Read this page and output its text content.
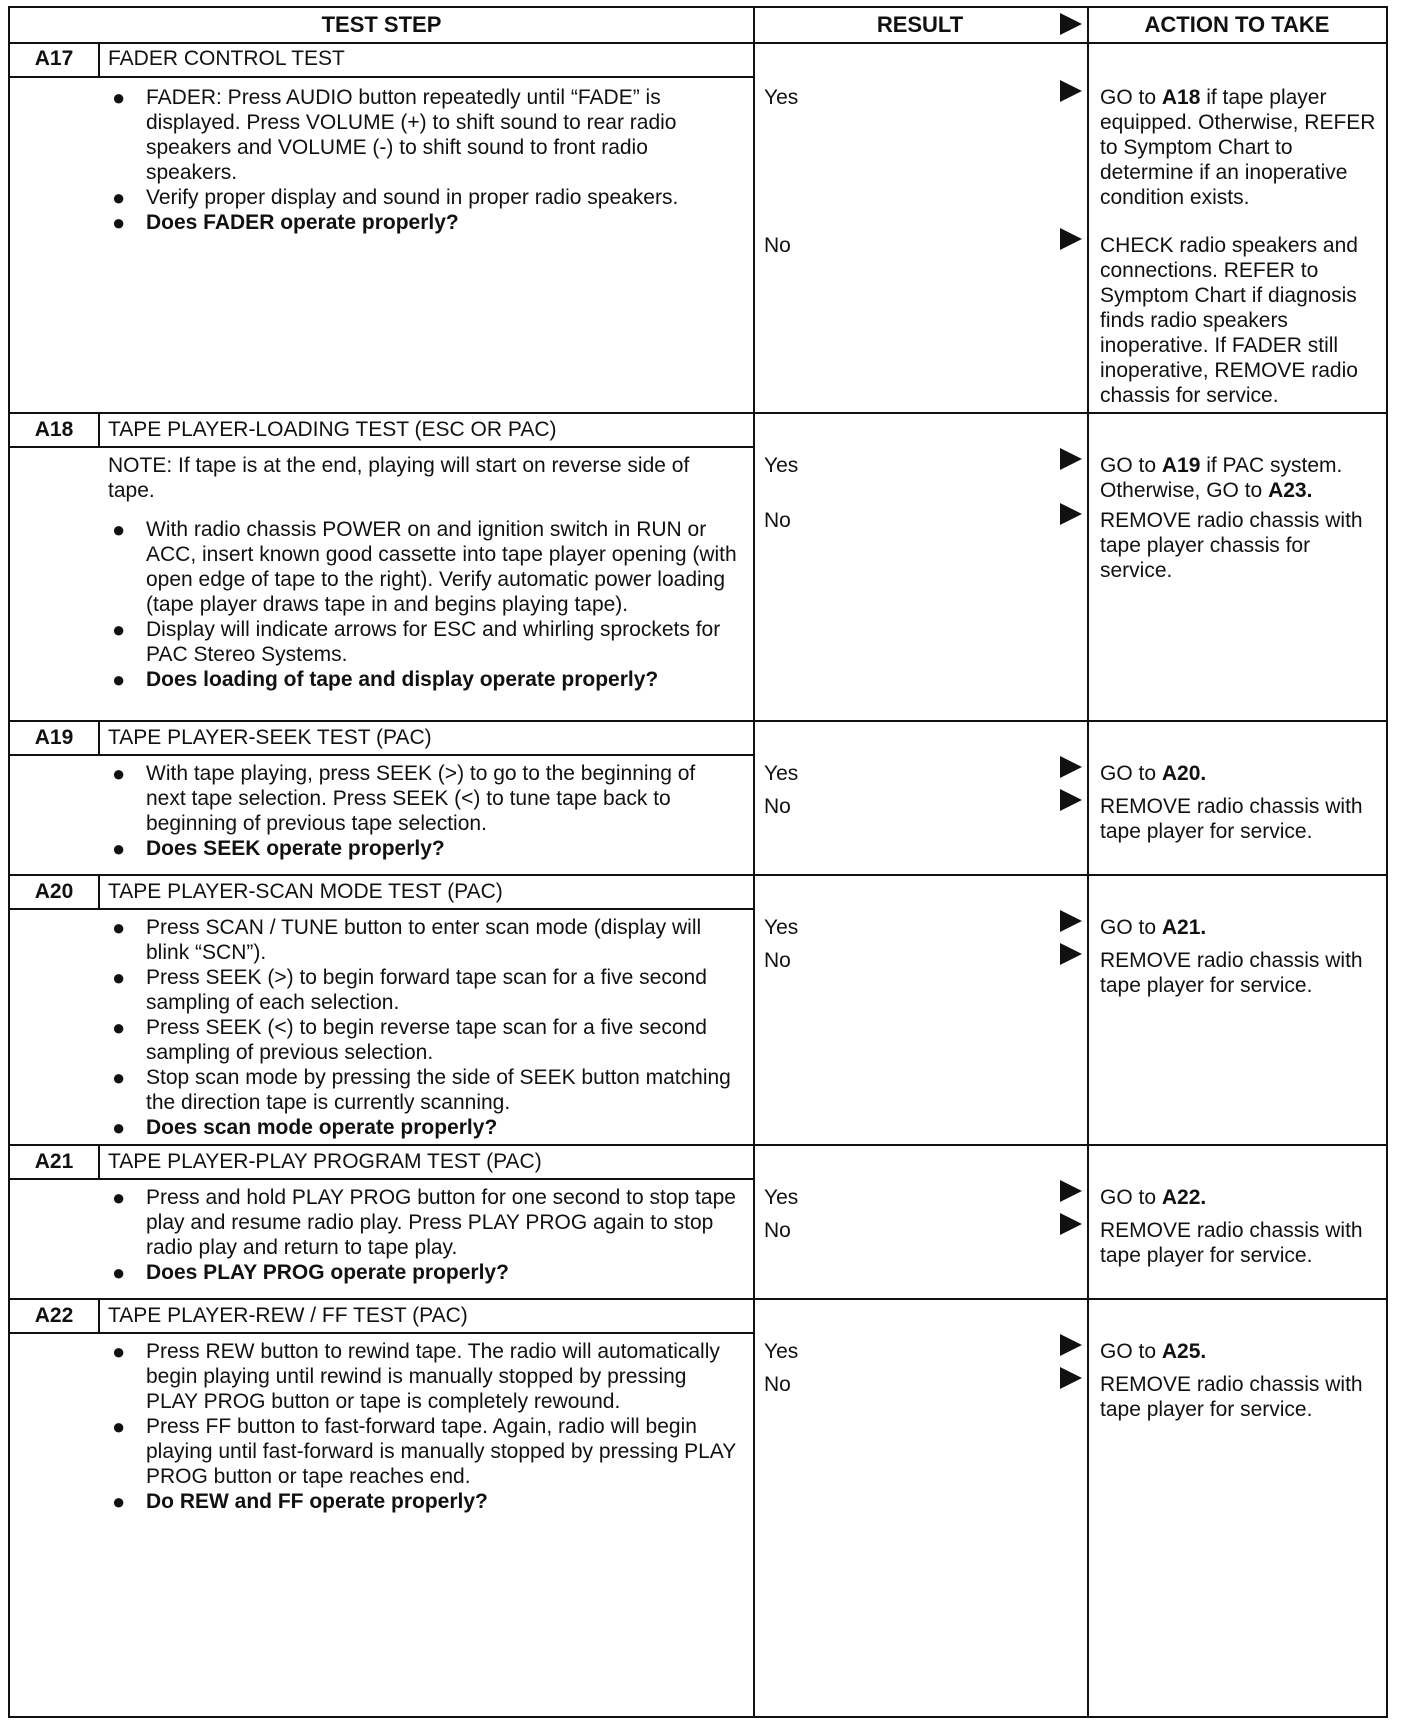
TEST STEP	RESULT	ACTION TO TAKE
A17	FADER CONTROL TEST
● FADER: Press AUDIO button repeatedly until “FADE” is displayed. Press VOLUME (+) to shift sound to rear radio speakers and VOLUME (-) to shift sound to front radio speakers.
● Verify proper display and sound in proper radio speakers.
● Does FADER operate properly?
Yes	GO to A18 if tape player equipped. Otherwise, REFER to Symptom Chart to determine if an inoperative condition exists.
No	CHECK radio speakers and connections. REFER to Symptom Chart if diagnosis finds radio speakers inoperative. If FADER still inoperative, REMOVE radio chassis for service.
A18	TAPE PLAYER-LOADING TEST (ESC OR PAC)

NOTE: If tape is at the end, playing will start on reverse side of tape.

● With radio chassis POWER on and ignition switch in RUN or ACC, insert known good cassette into tape player opening (with open edge of tape to the right). Verify automatic power loading (tape player draws tape in and begins playing tape).
● Display will indicate arrows for ESC and whirling sprockets for PAC Stereo Systems.
● Does loading of tape and display operate properly?
Yes	GO to A19 if PAC system. Otherwise, GO to A23.
No	REMOVE radio chassis with tape player chassis for service.
A19	TAPE PLAYER-SEEK TEST (PAC)
● With tape playing, press SEEK (>) to go to the beginning of next tape selection. Press SEEK (<) to tune tape back to beginning of previous tape selection.
● Does SEEK operate properly?
Yes	GO to A20.
No	REMOVE radio chassis with tape player for service.
A20	TAPE PLAYER-SCAN MODE TEST (PAC)
● Press SCAN / TUNE button to enter scan mode (display will blink “SCN”).
● Press SEEK (>) to begin forward tape scan for a five second sampling of each selection.
● Press SEEK (<) to begin reverse tape scan for a five second sampling of previous selection.
● Stop scan mode by pressing the side of SEEK button matching the direction tape is currently scanning.
● Does scan mode operate properly?
Yes	GO to A21.
No	REMOVE radio chassis with tape player for service.
A21	TAPE PLAYER-PLAY PROGRAM TEST (PAC)
● Press and hold PLAY PROG button for one second to stop tape play and resume radio play. Press PLAY PROG again to stop radio play and return to tape play.
● Does PLAY PROG operate properly?
Yes	GO to A22.
No	REMOVE radio chassis with tape player for service.
A22	TAPE PLAYER-REW / FF TEST (PAC)
● Press REW button to rewind tape. The radio will automatically begin playing until rewind is manually stopped by pressing PLAY PROG button or tape is completely rewound.
● Press FF button to fast-forward tape. Again, radio will begin playing until fast-forward is manually stopped by pressing PLAY PROG button or tape reaches end.
● Do REW and FF operate properly?
Yes	GO to A25.
No	REMOVE radio chassis with tape player for service.
